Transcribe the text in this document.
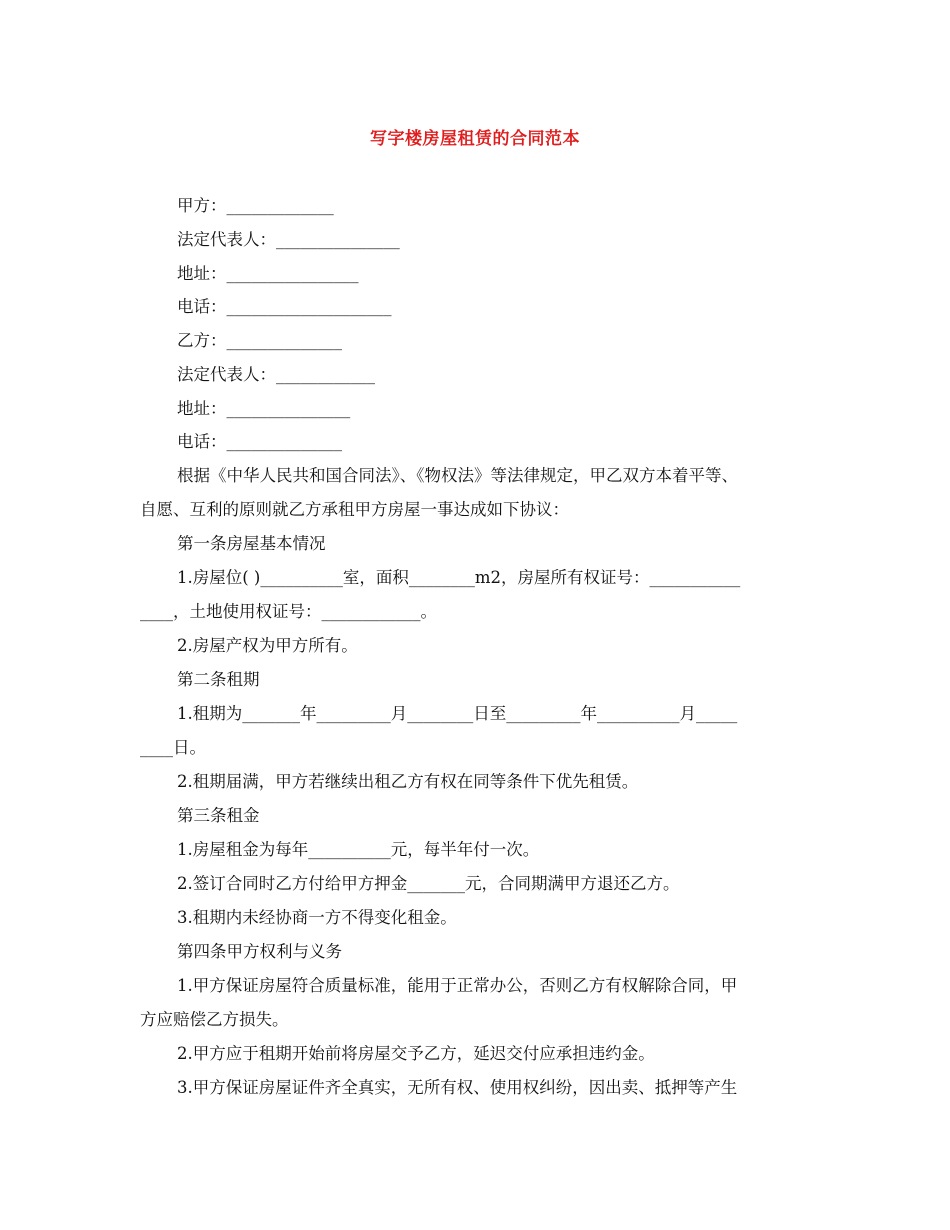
写字楼房屋租赁的合同范本
甲方：_____________
法定代表人：_______________
地址：________________
电话：____________________
乙方：______________
法定代表人：____________
地址：_______________
电话：______________
根据《中华人民共和国合同法》、《物权法》等法律规定，甲乙双方本着平等、
自愿、互利的原则就乙方承租甲方房屋一事达成如下协议：
第一条房屋基本情况
1.房屋位( )__________室，面积________m2，房屋所有权证号：___________
____，土地使用权证号：____________。
2.房屋产权为甲方所有。
第二条租期
1.租期为_______年_________月________日至_________年__________月_____
____日。
2.租期届满，甲方若继续出租乙方有权在同等条件下优先租赁。
第三条租金
1.房屋租金为每年__________元，每半年付一次。
2.签订合同时乙方付给甲方押金_______元，合同期满甲方退还乙方。
3.租期内未经协商一方不得变化租金。
第四条甲方权利与义务
1.甲方保证房屋符合质量标准，能用于正常办公，否则乙方有权解除合同，甲
方应赔偿乙方损失。
2.甲方应于租期开始前将房屋交予乙方，延迟交付应承担违约金。
3.甲方保证房屋证件齐全真实，无所有权、使用权纠纷，因出卖、抵押等产生
